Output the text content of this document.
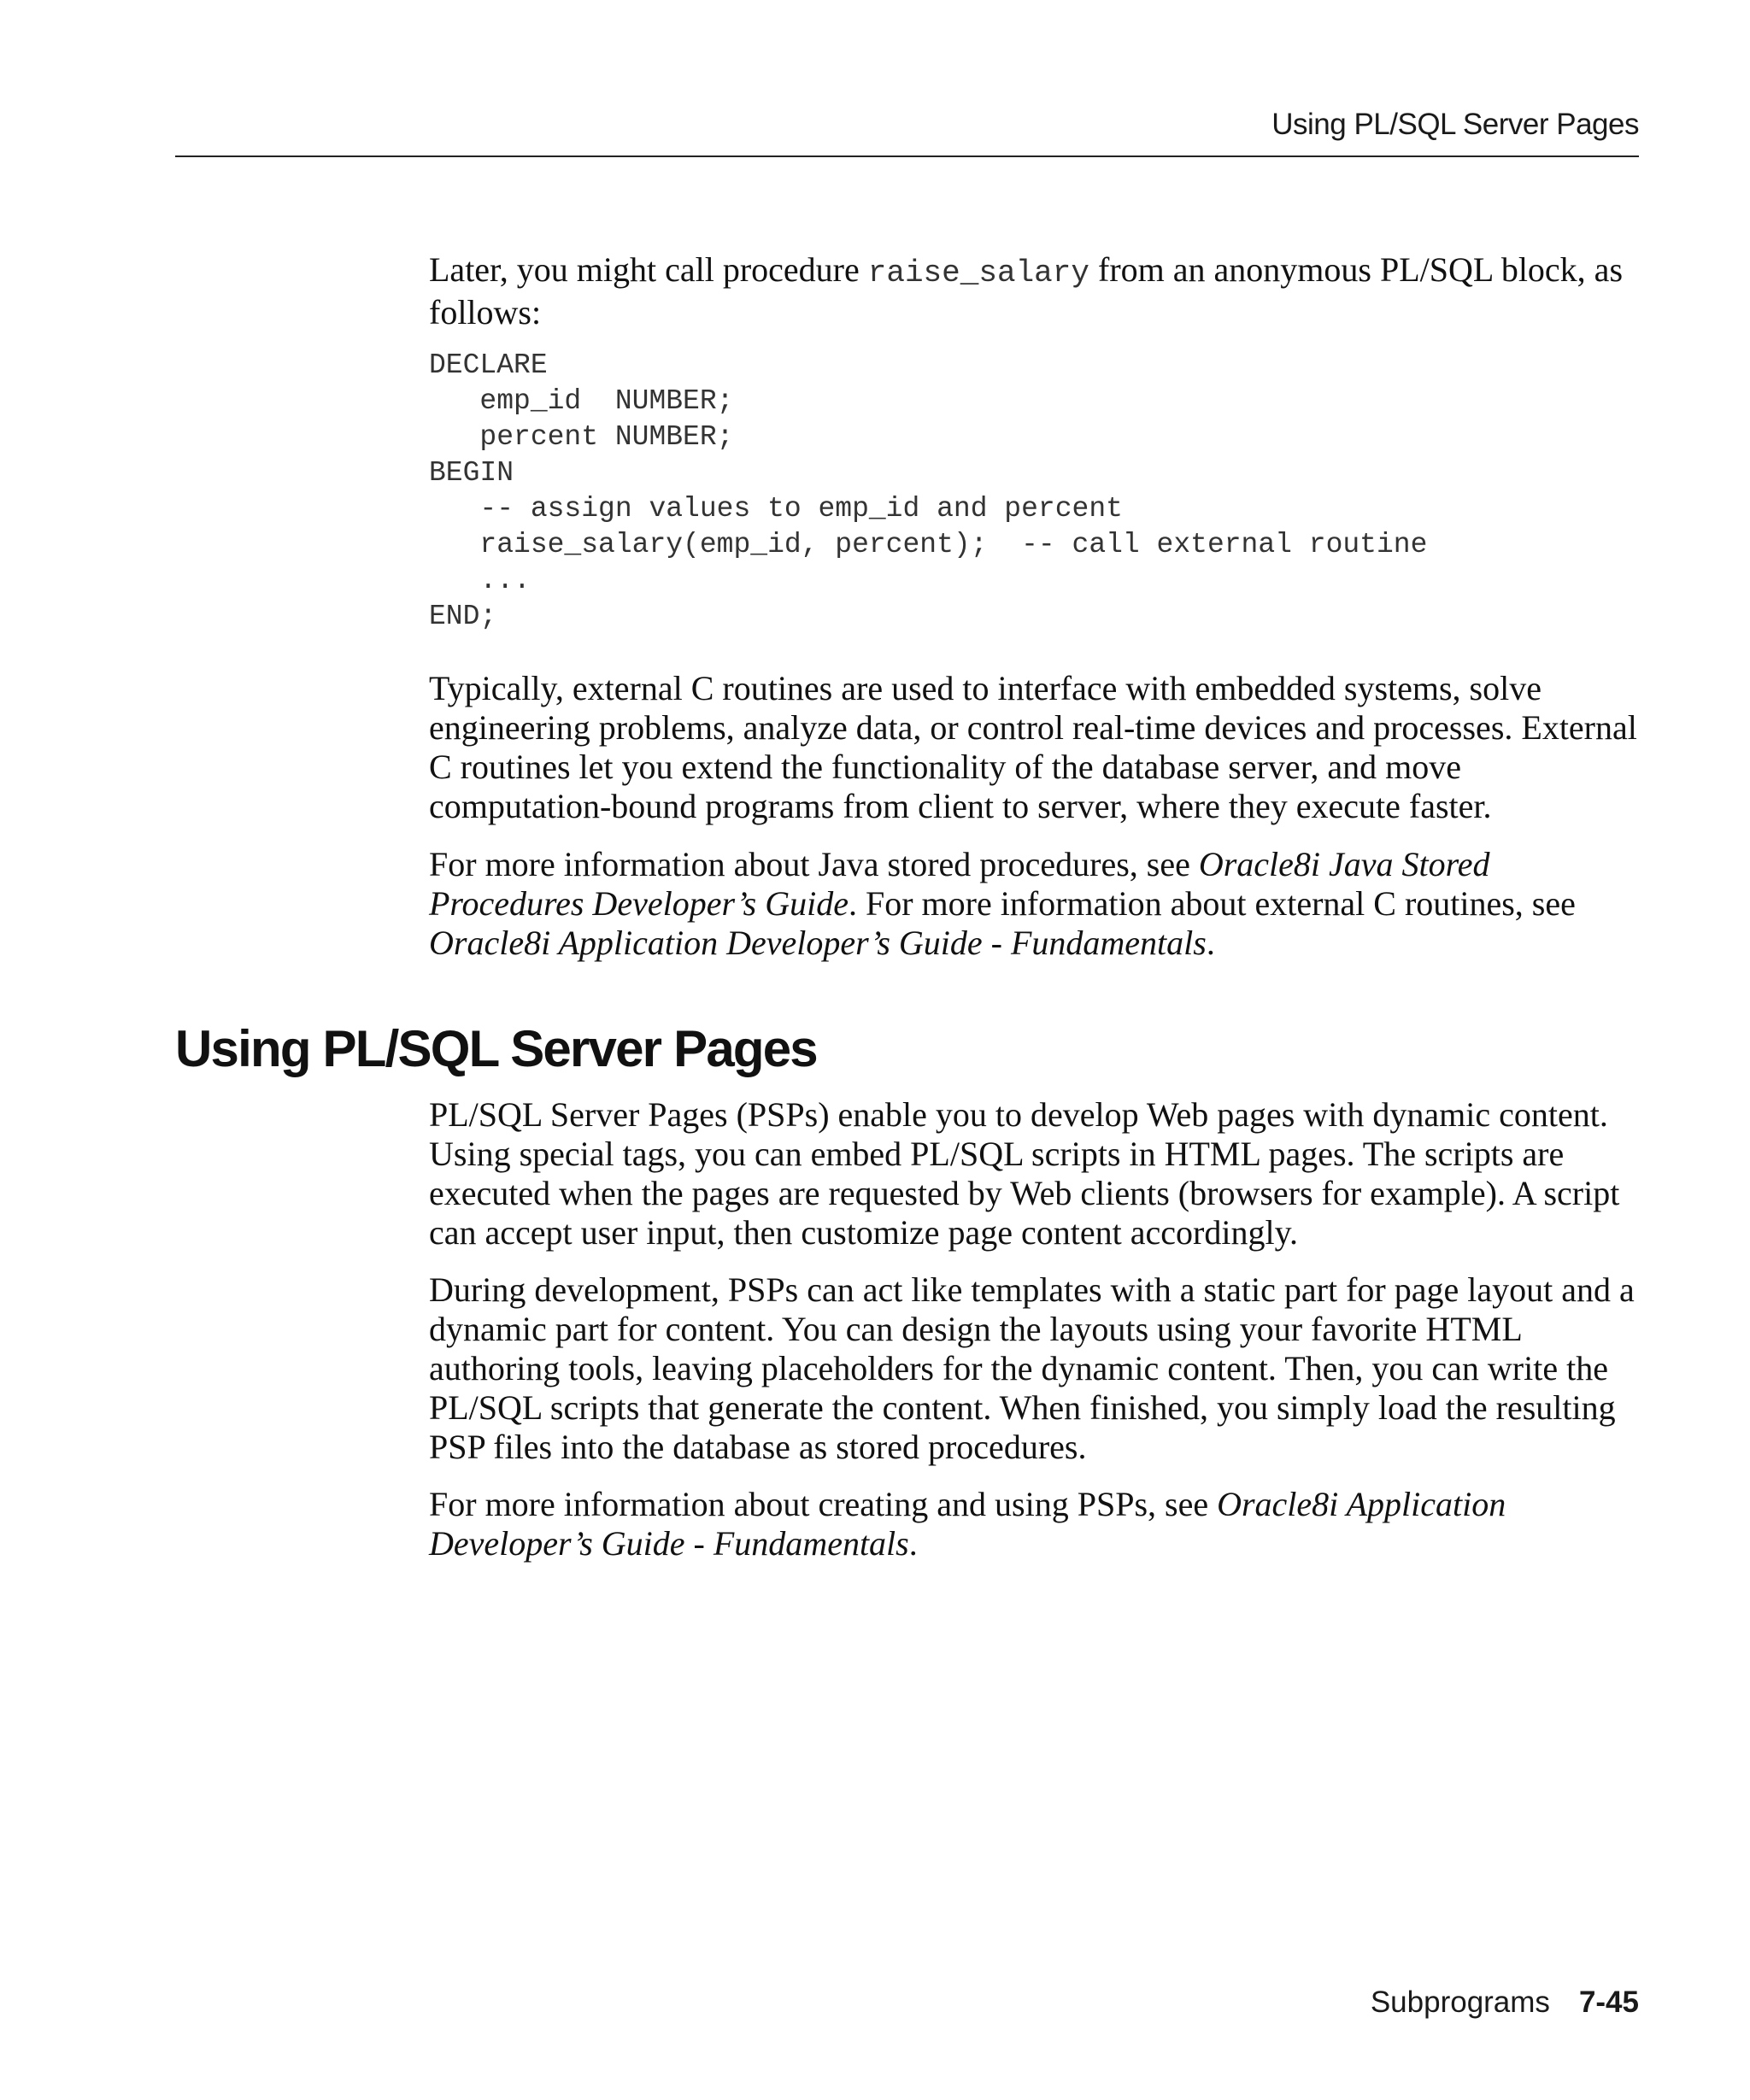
Using PL/SQL Server Pages

Later, you might call procedure raise_salary from an anonymous PL/SQL block, as follows:

DECLARE
emp_id  NUMBER;
percent NUMBER;
BEGIN
-- assign values to emp_id and percent
raise_salary(emp_id, percent);  -- call external routine
...
END;

Typically, external C routines are used to interface with embedded systems, solve engineering problems, analyze data, or control real-time devices and processes. External C routines let you extend the functionality of the database server, and move computation-bound programs from client to server, where they execute faster.

For more information about Java stored procedures, see Oracle8i Java Stored Procedures Developer’s Guide. For more information about external C routines, see Oracle8i Application Developer’s Guide - Fundamentals.

Using PL/SQL Server Pages

PL/SQL Server Pages (PSPs) enable you to develop Web pages with dynamic content. Using special tags, you can embed PL/SQL scripts in HTML pages. The scripts are executed when the pages are requested by Web clients (browsers for example). A script can accept user input, then customize page content accordingly.

During development, PSPs can act like templates with a static part for page layout and a dynamic part for content. You can design the layouts using your favorite HTML authoring tools, leaving placeholders for the dynamic content. Then, you can write the PL/SQL scripts that generate the content. When finished, you simply load the resulting PSP files into the database as stored procedures.

For more information about creating and using PSPs, see Oracle8i Application Developer’s Guide - Fundamentals.

Subprograms 7-45
